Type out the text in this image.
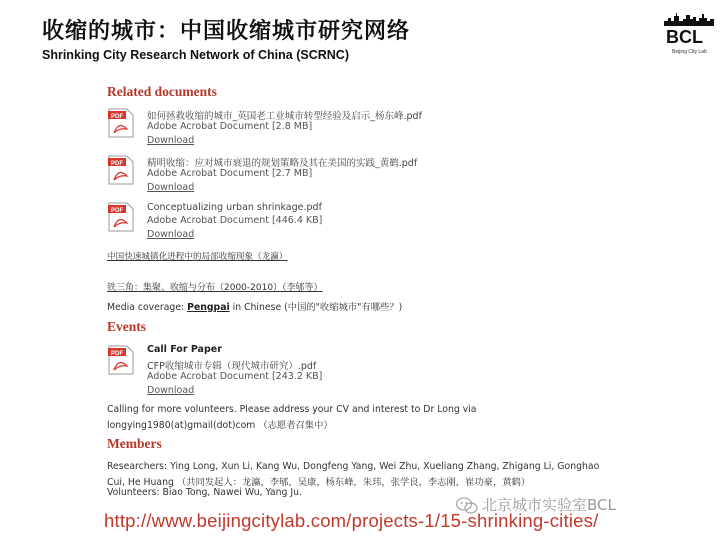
收缩的城市：中国收缩城市研究网络
Shrinking City Research Network of China (SCRNC)
BCL
Beijing City Lab
Related documents
PDF	如何拯救收缩的城市_英国老工业城市转型经验及启示_杨东峰.pdf
Adobe Acrobat Document [2.8 MB]
Download
PDF	精明收缩：应对城市衰退的规划策略及其在美国的实践_黄鹤.pdf
Adobe Acrobat Document [2.7 MB]
Download
PDF	Conceptualizing urban shrinkage.pdf
Adobe Acrobat Document [446.4 KB]
Download
中国快速城镇化进程中的局部收缩现象（龙瀛）
铁三角：集聚、收缩与分布（2000-2010）（李郇等）
Media coverage: Pengpai in Chinese (中国的"收缩城市"有哪些？)
Events
PDF	Call For Paper
CFP收缩城市专辑（现代城市研究）.pdf
Adobe Acrobat Document [243.2 KB]
Download
Calling for more volunteers. Please address your CV and interest to Dr Long via
longying1980(at)gmail(dot)com （志愿者召集中）
Members
Researchers: Ying Long, Xun Li, Kang Wu, Dongfeng Yang, Wei Zhu, Xueliang Zhang, Zhigang Li, Gonghao
Cui, He Huang （共同发起人：龙瀛，李郇，吴康，杨东峰，朱玮，张学良，李志刚，崔功豪，黄鹤）
Volunteers: Biao Tong, Nawei Wu, Yang Ju.
北京城市实验室BCL
http://www.beijingcitylab.com/projects-1/15-shrinking-cities/
